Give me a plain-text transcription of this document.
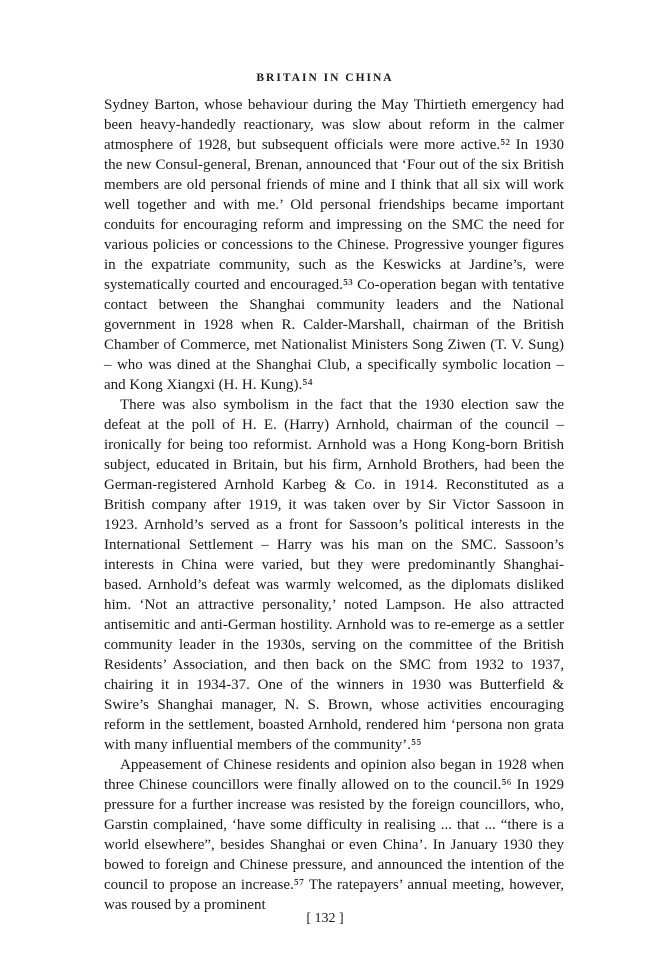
BRITAIN IN CHINA

Sydney Barton, whose behaviour during the May Thirtieth emergency had been heavy-handedly reactionary, was slow about reform in the calmer atmosphere of 1928, but subsequent officials were more active.⁵² In 1930 the new Consul-general, Brenan, announced that ‘Four out of the six British members are old personal friends of mine and I think that all six will work well together and with me.’ Old personal friendships became important conduits for encouraging reform and impressing on the SMC the need for various policies or concessions to the Chinese. Progressive younger figures in the expatriate community, such as the Keswicks at Jardine’s, were systematically courted and encouraged.⁵³ Co-operation began with tentative contact between the Shanghai community leaders and the National government in 1928 when R. Calder-Marshall, chairman of the British Chamber of Commerce, met Nationalist Ministers Song Ziwen (T. V. Sung) – who was dined at the Shanghai Club, a specifically symbolic location – and Kong Xiangxi (H. H. Kung).⁵⁴

There was also symbolism in the fact that the 1930 election saw the defeat at the poll of H. E. (Harry) Arnhold, chairman of the council – ironically for being too reformist. Arnhold was a Hong Kong-born British subject, educated in Britain, but his firm, Arnhold Brothers, had been the German-registered Arnhold Karbeg & Co. in 1914. Reconstituted as a British company after 1919, it was taken over by Sir Victor Sassoon in 1923. Arnhold’s served as a front for Sassoon’s political interests in the International Settlement – Harry was his man on the SMC. Sassoon’s interests in China were varied, but they were predominantly Shanghai-based. Arnhold’s defeat was warmly welcomed, as the diplomats disliked him. ‘Not an attractive personality,’ noted Lampson. He also attracted antisemitic and anti-German hostility. Arnhold was to re-emerge as a settler community leader in the 1930s, serving on the committee of the British Residents’ Association, and then back on the SMC from 1932 to 1937, chairing it in 1934-37. One of the winners in 1930 was Butterfield & Swire’s Shanghai manager, N. S. Brown, whose activities encouraging reform in the settlement, boasted Arnhold, rendered him ‘persona non grata with many influential members of the community’.⁵⁵

Appeasement of Chinese residents and opinion also began in 1928 when three Chinese councillors were finally allowed on to the council.⁵⁶ In 1929 pressure for a further increase was resisted by the foreign councillors, who, Garstin complained, ‘have some difficulty in realising ... that ... “there is a world elsewhere”, besides Shanghai or even China’. In January 1930 they bowed to foreign and Chinese pressure, and announced the intention of the council to propose an increase.⁵⁷ The ratepayers’ annual meeting, however, was roused by a prominent

[ 132 ]
